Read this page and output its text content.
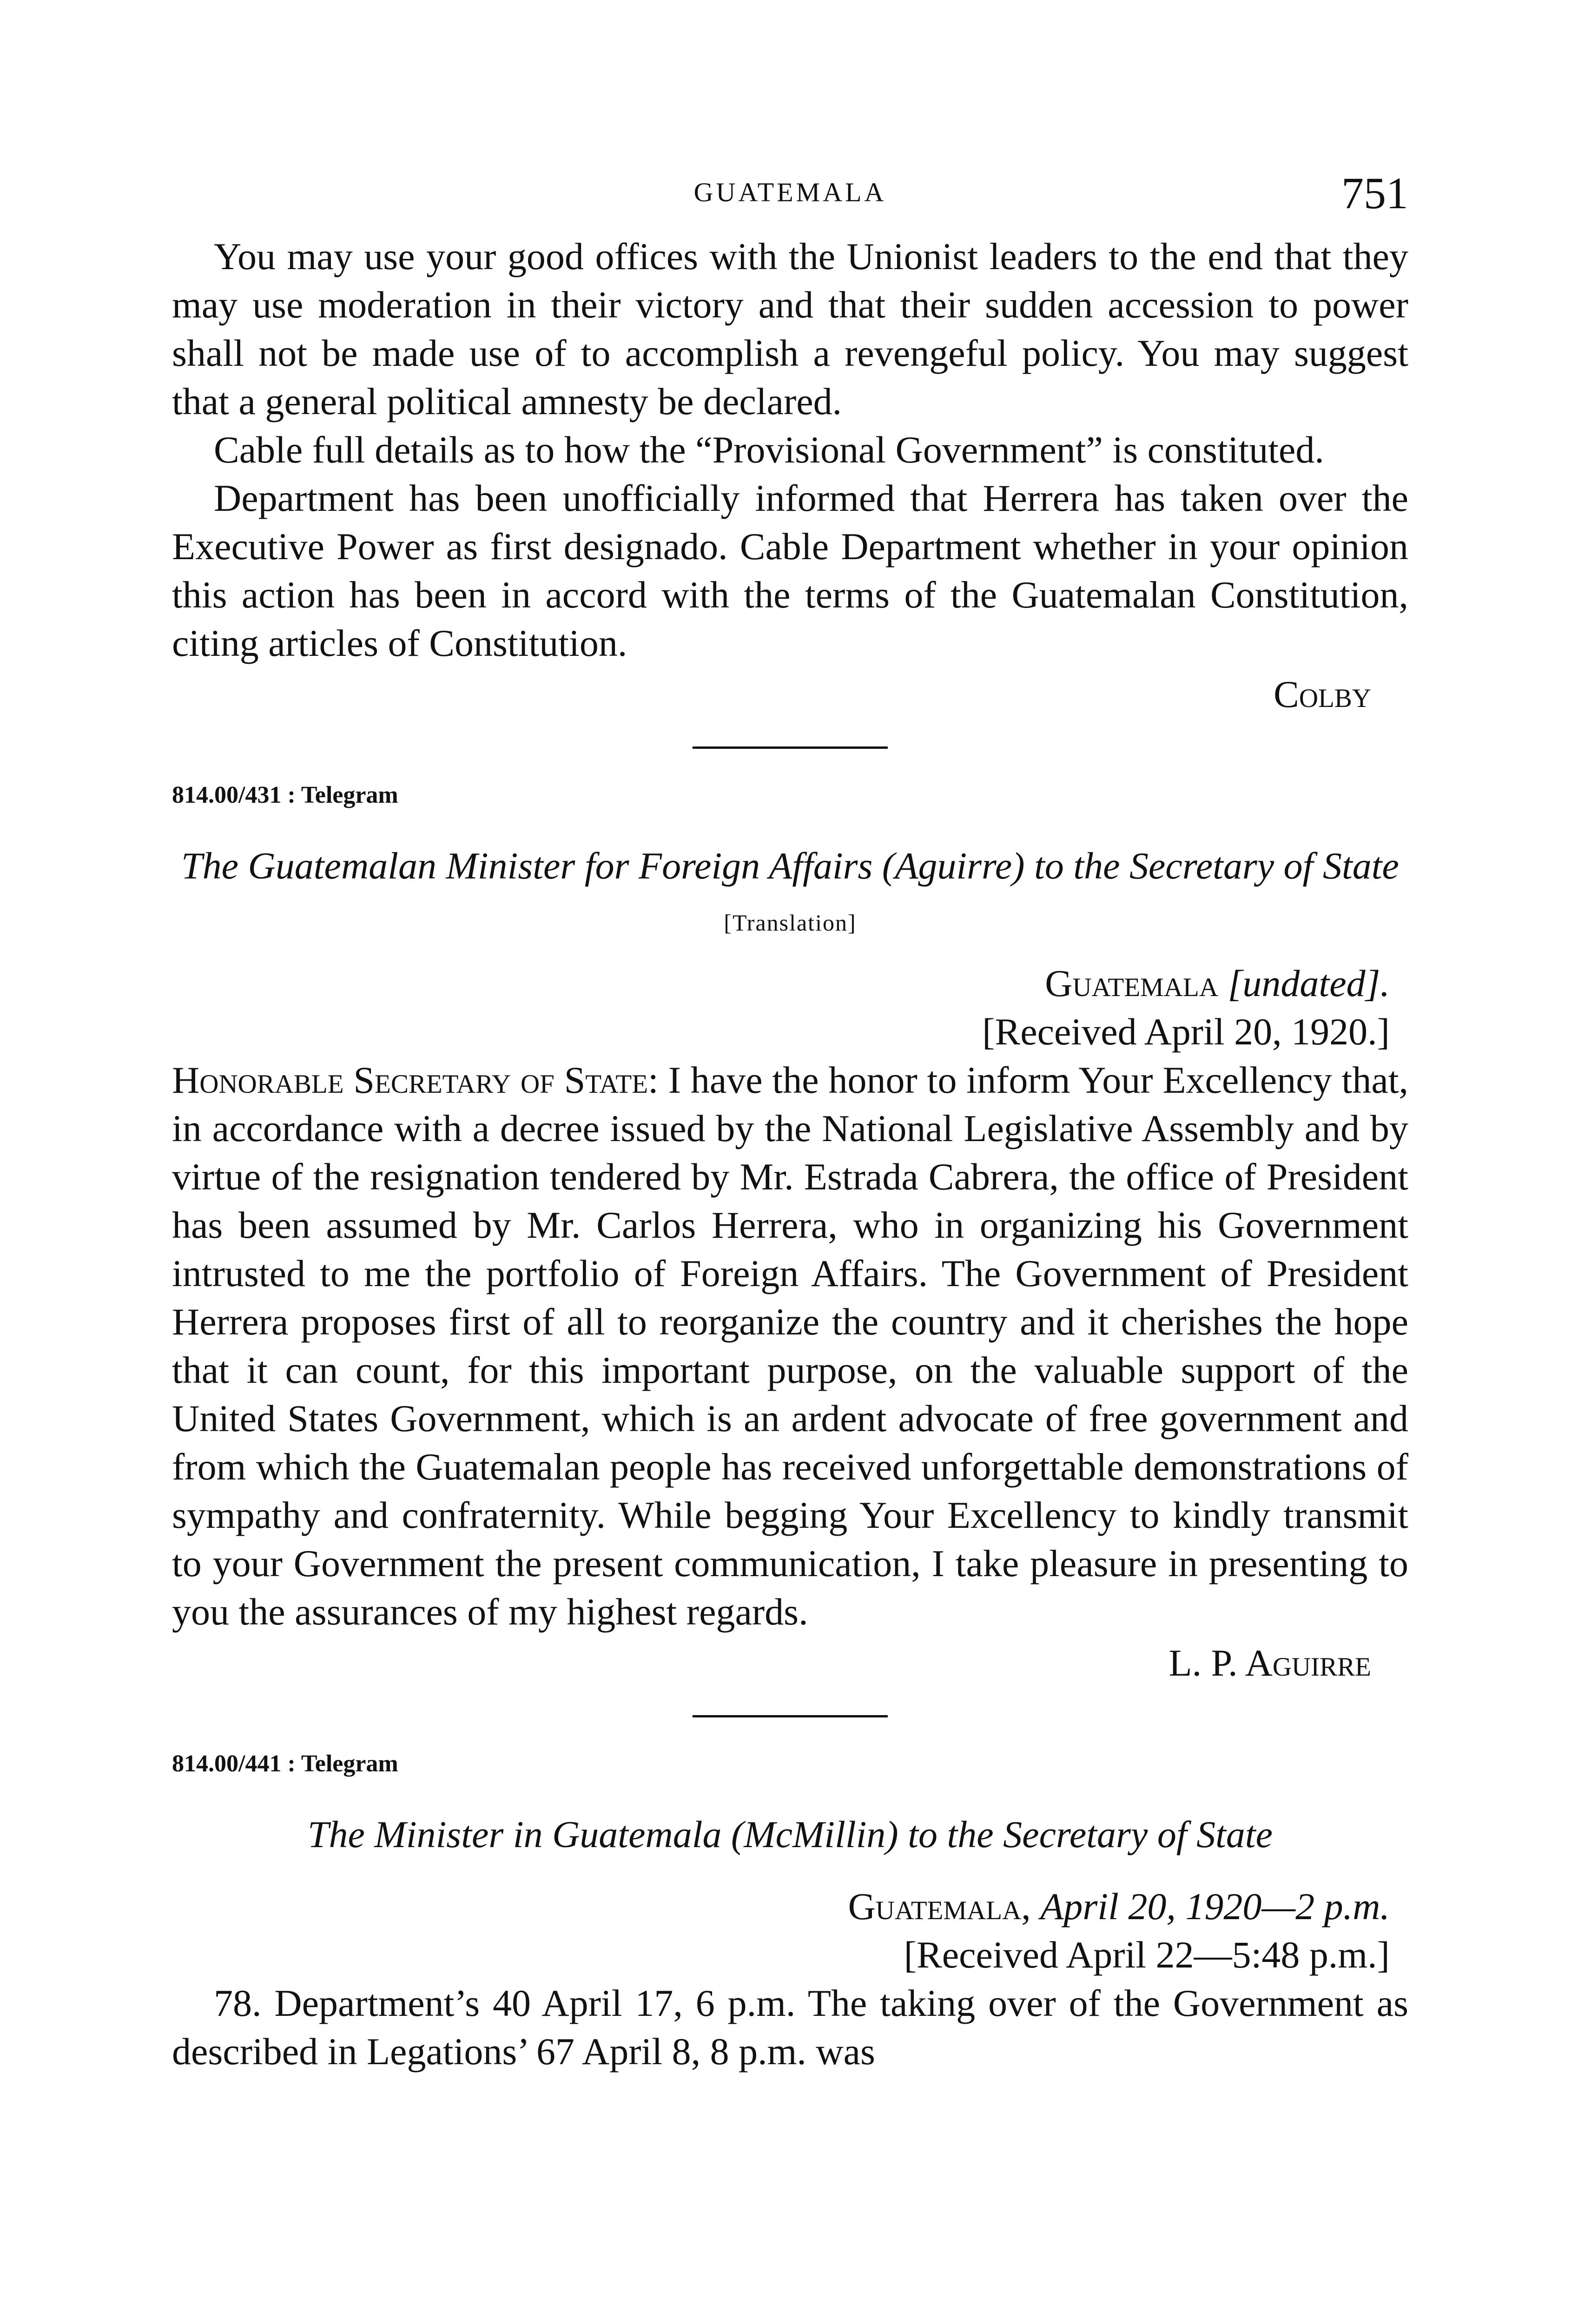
GUATEMALA	751

You may use your good offices with the Unionist leaders to the end that they may use moderation in their victory and that their sudden accession to power shall not be made use of to accomplish a revengeful policy. You may suggest that a general political amnesty be declared.

Cable full details as to how the “Provisional Government” is constituted.

Department has been unofficially informed that Herrera has taken over the Executive Power as first designado. Cable Department whether in your opinion this action has been in accord with the terms of the Guatemalan Constitution, citing articles of Constitution.

Colby
814.00/431 : Telegram
The Guatemalan Minister for Foreign Affairs (Aguirre) to the Secretary of State
[Translation]
Guatemala [undated].
[Received April 20, 1920.]

Honorable Secretary of State: I have the honor to inform Your Excellency that, in accordance with a decree issued by the National Legislative Assembly and by virtue of the resignation tendered by Mr. Estrada Cabrera, the office of President has been assumed by Mr. Carlos Herrera, who in organizing his Government intrusted to me the portfolio of Foreign Affairs. The Government of President Herrera proposes first of all to reorganize the country and it cherishes the hope that it can count, for this important purpose, on the valuable support of the United States Government, which is an ardent advocate of free government and from which the Guatemalan people has received unforgettable demonstrations of sympathy and confraternity. While begging Your Excellency to kindly transmit to your Government the present communication, I take pleasure in presenting to you the assurances of my highest regards.

L. P. Aguirre
814.00/441 : Telegram
The Minister in Guatemala (McMillin) to the Secretary of State
Guatemala, April 20, 1920—2 p.m.
[Received April 22—5:48 p.m.]

78. Department’s 40 April 17, 6 p.m. The taking over of the Government as described in Legations’ 67 April 8, 8 p.m. was
